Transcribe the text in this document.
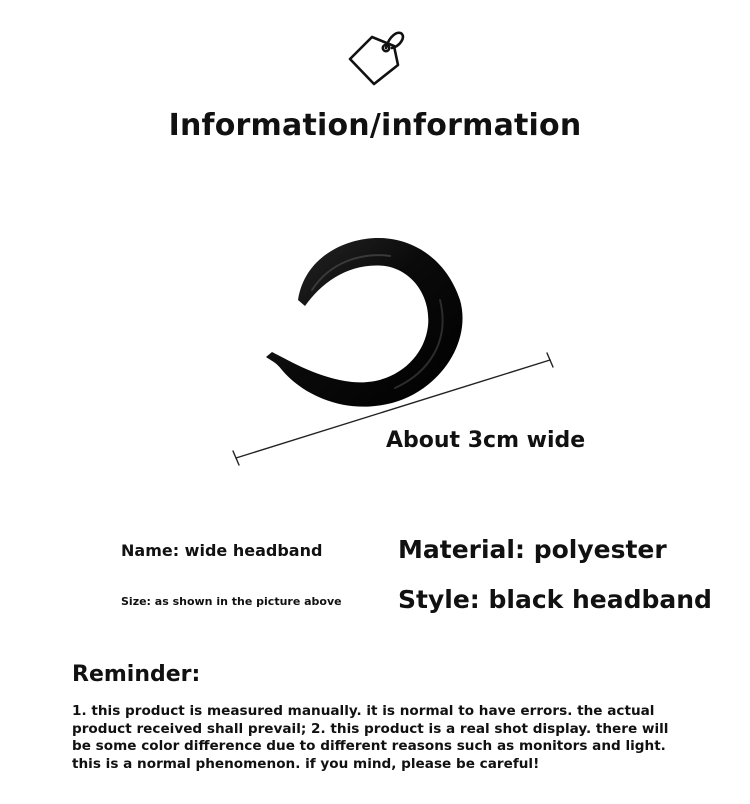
Information/information
About 3cm wide
Name: wide headband
Size: as shown in the picture above
Material: polyester
Style: black headband
Reminder:
1. this product is measured manually. it is normal to have errors. the actual product received shall prevail; 2. this product is a real shot display. there will be some color difference due to different reasons such as monitors and light. this is a normal phenomenon. if you mind, please be careful!
